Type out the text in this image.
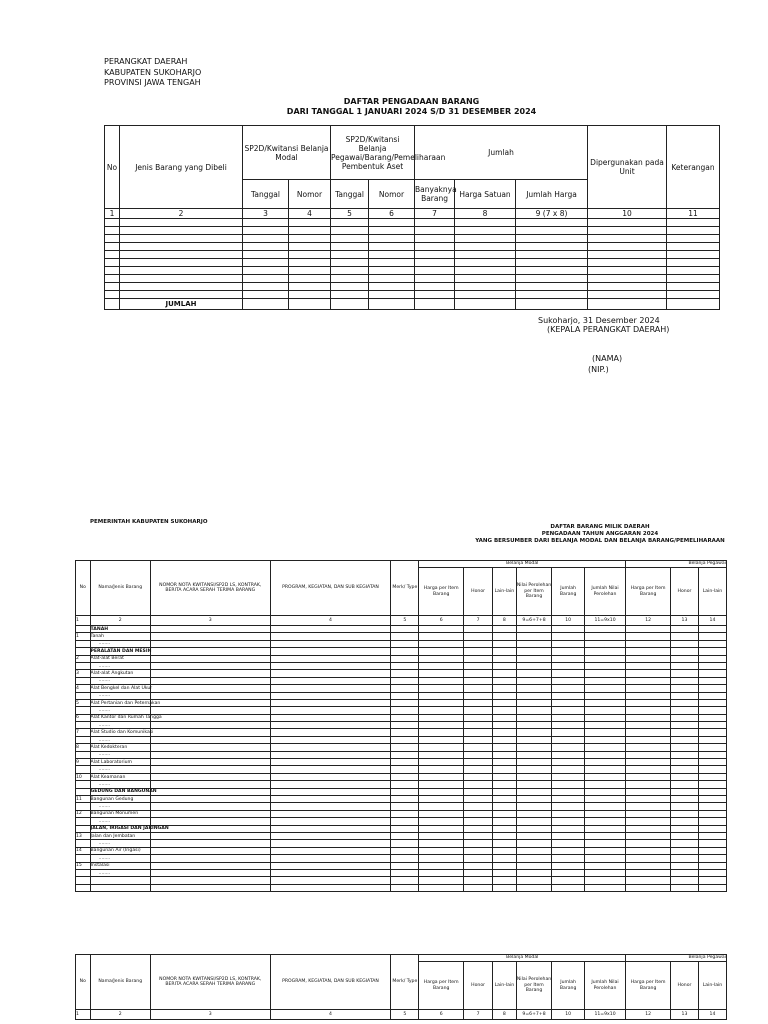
PERANGKAT DAERAH
KABUPATEN SUKOHARJO
PROVINSI JAWA TENGAH
DAFTAR PENGADAAN BARANG
DARI TANGGAL 1 JANUARI 2024 S/D 31 DESEMBER 2024
No	Jenis Barang yang Dibeli	SP2D/Kwitansi Belanja Modal		SP2D/Kwitansi Belanja Pegawai/Barang/Pemeliharaan Pembentuk Aset		Jumlah			Dipergunakan pada Unit	Keterangan
		Tanggal	Nomor	Tanggal	Nomor	Banyaknya Barang	Harga Satuan	Jumlah Harga		
1	2	3	4	5	6	7	8	9 (7 x 8)	10	11

	JUMLAH									
Sukoharjo, 31 Desember 2024
(KEPALA PERANGKAT DAERAH)
(NAMA)
(NIP.)
PEMERINTAH KABUPATEN SUKOHARJO
DAFTAR BARANG MILIK DAERAH
PENGADAAN TAHUN ANGGARAN 2024
YANG BERSUMBER DARI BELANJA MODAL DAN BELANJA BARANG/PEMELIHARAAN
No	Nama/Jenis Barang	NOMOR NOTA KWITANSI/SP2D LS, KONTRAK, BERITA ACARA SERAH TERIMA BARANG	PROGRAM, KEGIATAN, DAN SUB KEGIATAN	Merk/ Type	Belanja Modal						Belanja Pegawai		
					Harga per Item Barang	Honor	Lain-lain	Nilai Perolehan per Item Barang	Jumlah Barang	Jumlah Nilai Perolehan	Harga per Item Barang	Honor	Lain-lain
1	2	3	4	5	6	7	8	9=6+7+8	10	11=9x10	12	13	14
	TANAH												
1	Tanah												
	........												
	PERALATAN DAN MESIN												
2	Alat-alat Berat												
	........												
3	Alat-alat Angkutan												
	........												
4	Alat Bengkel dan Alat Ukur												
	........												
5	Alat Pertanian dan Peternakan												
	........												
6	Alat Kantor dan Rumah Tangga												
	........												
7	Alat Studio dan Komunikasi												
	........												
8	Alat Kedokteran												
	........												
9	Alat Laboratorium												
	........												
10	Alat Keamanan												
	........												
	GEDUNG DAN BANGUNAN												
11	Bangunan Gedung												
	........												
12	Bangunan Monumen												
	........												
	JALAN, IRIGASI DAN JARINGAN												
13	Jalan dan Jembatan												
	........												
14	Bangunan Air (Irigasi)												
	........												
15	Instalasi												
	........												

No	Nama/Jenis Barang	NOMOR NOTA KWITANSI/SP2D LS, KONTRAK, BERITA ACARA SERAH TERIMA BARANG	PROGRAM, KEGIATAN, DAN SUB KEGIATAN	Merk/ Type	Belanja Modal						Belanja Pegawai		
					Harga per Item Barang	Honor	Lain-lain	Nilai Perolehan per Item Barang	Jumlah Barang	Jumlah Nilai Perolehan	Harga per Item Barang	Honor	Lain-lain
1	2	3	4	5	6	7	8	9=6+7+8	10	11=9x10	12	13	14
